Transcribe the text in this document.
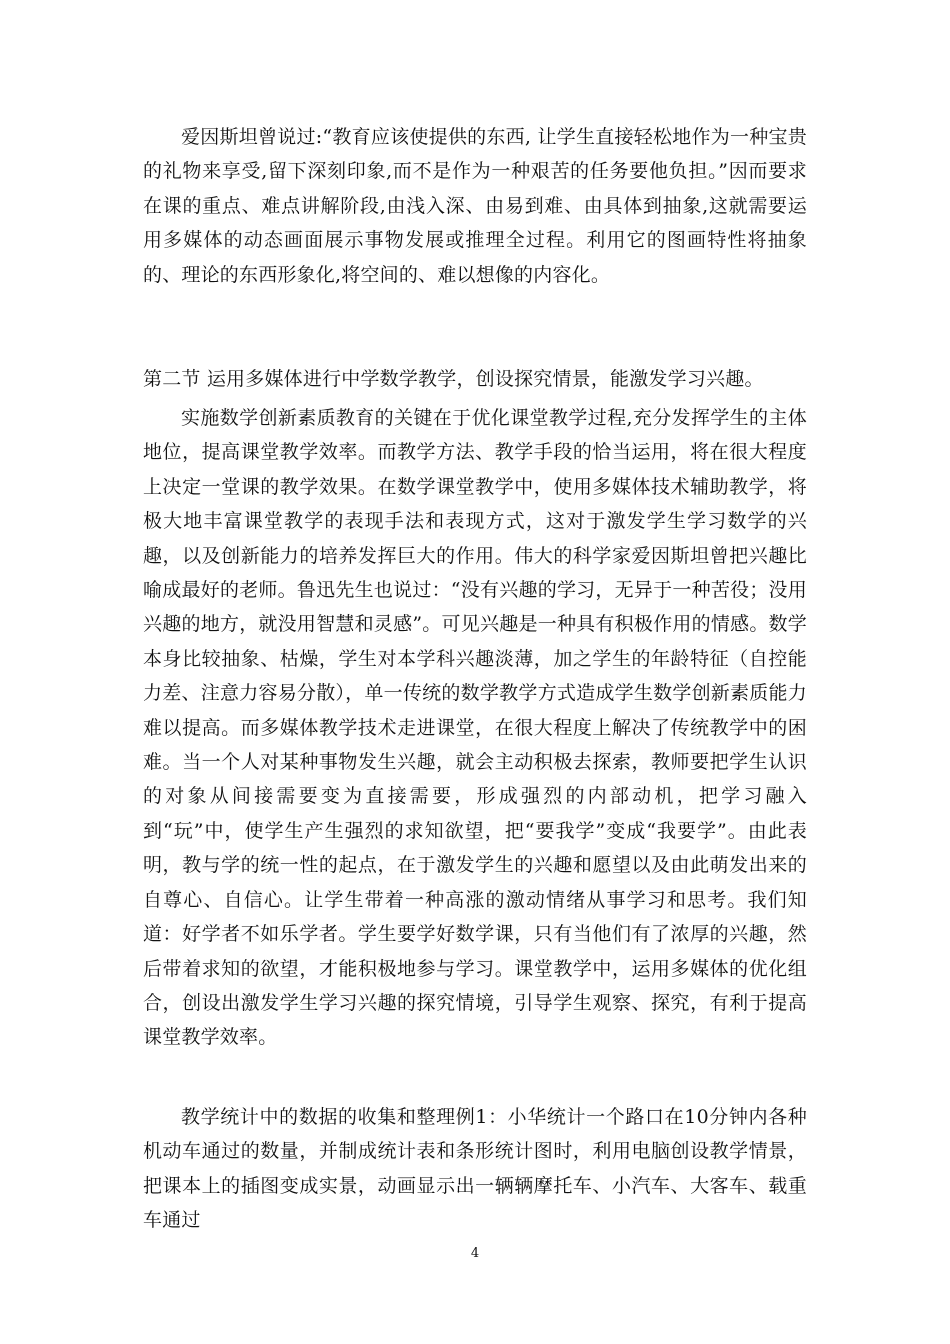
爱因斯坦曾说过:“教育应该使提供的东西, 让学生直接轻松地作为一种宝贵的礼物来享受,留下深刻印象,而不是作为一种艰苦的任务要他负担。”因而要求在课的重点、难点讲解阶段,由浅入深、由易到难、由具体到抽象,这就需要运用多媒体的动态画面展示事物发展或推理全过程。利用它的图画特性将抽象的、理论的东西形象化,将空间的、难以想像的内容化。

第二节 运用多媒体进行中学数学教学，创设探究情景，能激发学习兴趣。

实施数学创新素质教育的关键在于优化课堂教学过程,充分发挥学生的主体地位，提高课堂教学效率。而教学方法、教学手段的恰当运用，将在很大程度上决定一堂课的教学效果。在数学课堂教学中，使用多媒体技术辅助教学，将极大地丰富课堂教学的表现手法和表现方式，这对于激发学生学习数学的兴趣，以及创新能力的培养发挥巨大的作用。伟大的科学家爱因斯坦曾把兴趣比喻成最好的老师。鲁迅先生也说过：“没有兴趣的学习，无异于一种苦役；没用兴趣的地方，就没用智慧和灵感”。可见兴趣是一种具有积极作用的情感。数学本身比较抽象、枯燥，学生对本学科兴趣淡薄，加之学生的年龄特征（自控能力差、注意力容易分散），单一传统的数学教学方式造成学生数学创新素质能力难以提高。而多媒体教学技术走进课堂，在很大程度上解决了传统教学中的困难。当一个人对某种事物发生兴趣，就会主动积极去探索，教师要把学生认识的对象从间接需要变为直接需要，形成强烈的内部动机，把学习融入到“玩”中，使学生产生强烈的求知欲望，把“要我学”变成“我要学”。由此表明，教与学的统一性的起点，在于激发学生的兴趣和愿望以及由此萌发出来的自尊心、自信心。让学生带着一种高涨的激动情绪从事学习和思考。我们知道：好学者不如乐学者。学生要学好数学课，只有当他们有了浓厚的兴趣，然后带着求知的欲望，才能积极地参与学习。课堂教学中，运用多媒体的优化组合，创设出激发学生学习兴趣的探究情境，引导学生观察、探究，有利于提高课堂教学效率。

教学统计中的数据的收集和整理例1：小华统计一个路口在10分钟内各种机动车通过的数量，并制成统计表和条形统计图时，利用电脑创设教学情景，把课本上的插图变成实景，动画显示出一辆辆摩托车、小汽车、大客车、载重车通过

4
